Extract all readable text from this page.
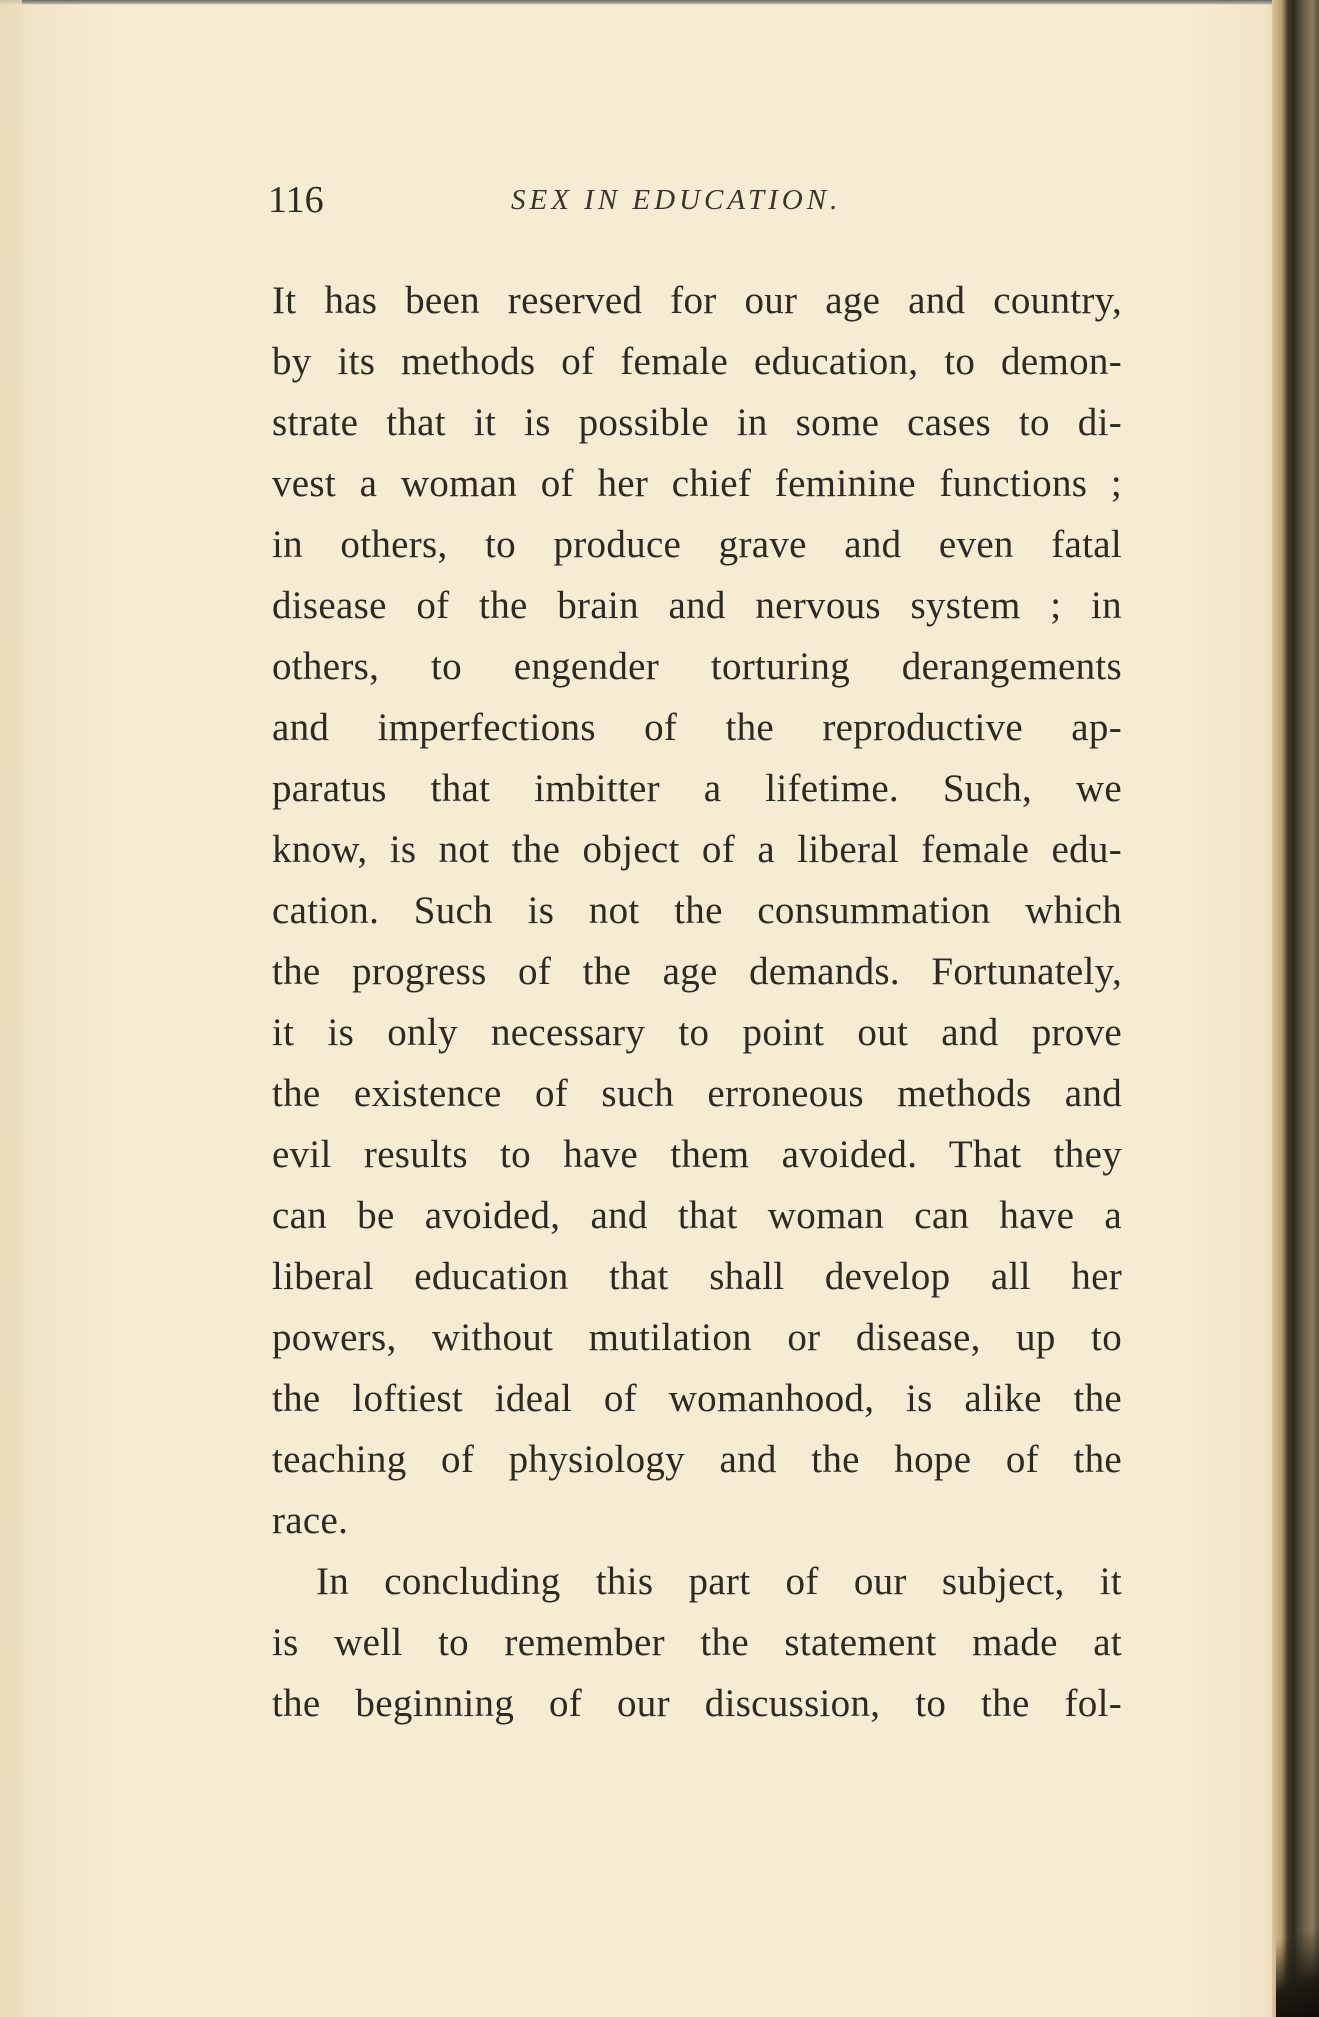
116	SEX IN EDUCATION.
It has been reserved for our age and country,
by its methods of female education, to demon-
strate that it is possible in some cases to di-
vest a woman of her chief feminine functions ;
in others, to produce grave and even fatal
disease of the brain and nervous system ; in
others, to engender torturing derangements
and imperfections of the reproductive ap-
paratus that imbitter a lifetime. Such, we
know, is not the object of a liberal female edu-
cation. Such is not the consummation which
the progress of the age demands. Fortunately,
it is only necessary to point out and prove
the existence of such erroneous methods and
evil results to have them avoided. That they
can be avoided, and that woman can have a
liberal education that shall develop all her
powers, without mutilation or disease, up to
the loftiest ideal of womanhood, is alike the
teaching of physiology and the hope of the
race.
In concluding this part of our subject, it
is well to remember the statement made at
the beginning of our discussion, to the fol-
